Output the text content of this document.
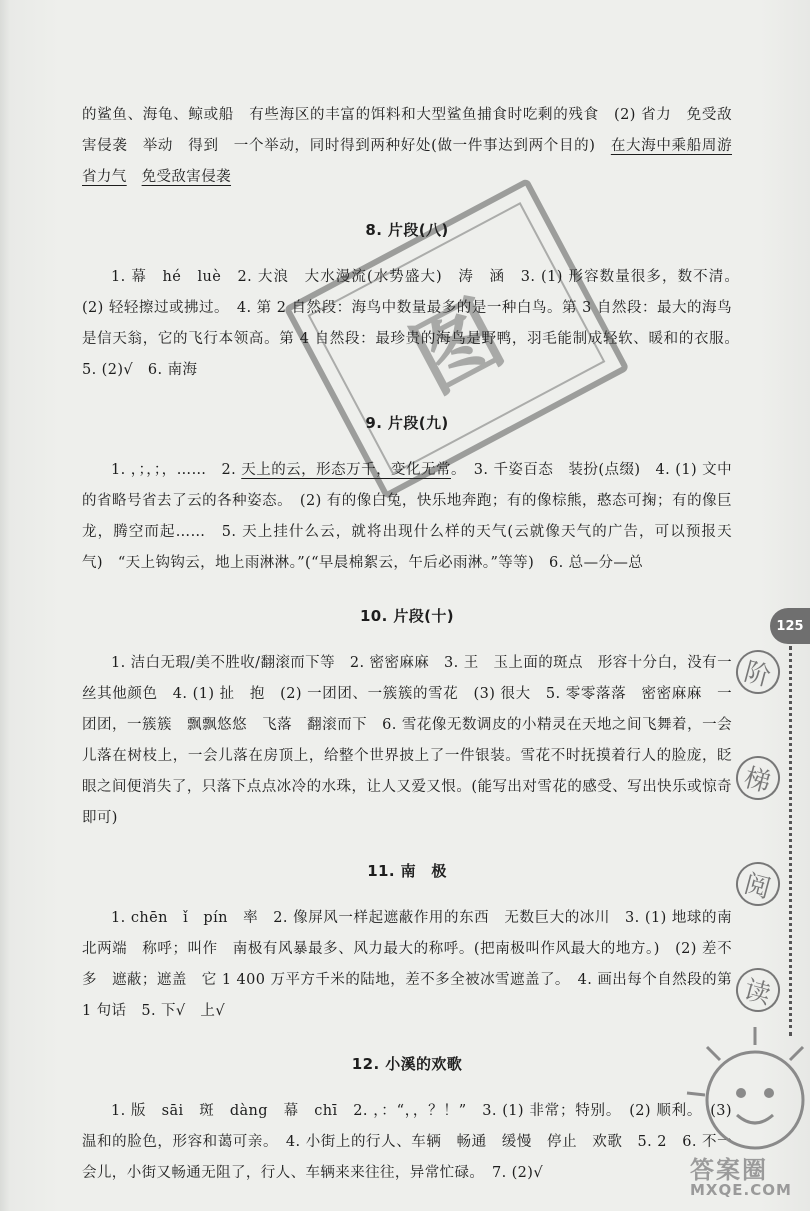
的鲨鱼、海龟、鲸或船　有些海区的丰富的饵料和大型鲨鱼捕食时吃剩的残食　(2) 省力　免受敌害侵袭　举动　得到　一个举动，同时得到两种好处(做一件事达到两个目的)　在大海中乘船周游　省力气　 免受敌害侵袭

8. 片段(八)

1. 幕　hé　luè　2. 大浪　大水漫流(水势盛大)　涛　涵　3. (1) 形容数量很多，数不清。　(2) 轻轻擦过或拂过。　4. 第 2 自然段：海鸟中数量最多的是一种白鸟。第 3 自然段：最大的海鸟是信天翁，它的飞行本领高。第 4 自然段：最珍贵的海鸟是野鸭，羽毛能制成轻软、暖和的衣服。　5. (2)√　6. 南海

9. 片段(九)

1. ，；，；，……　2. 天上的云，形态万千，变化无常。　3. 千姿百态　装扮(点缀)　4. (1) 文中的省略号省去了云的各种姿态。　(2) 有的像白兔，快乐地奔跑；有的像棕熊，憨态可掬；有的像巨龙，腾空而起……　5. 天上挂什么云，就将出现什么样的天气(云就像天气的广告，可以预报天气)　“天上钩钩云，地上雨淋淋。”(“早晨棉絮云，午后必雨淋。”等等)　6. 总—分—总

10. 片段(十)

1. 洁白无瑕/美不胜收/翻滚而下等　2. 密密麻麻　3. 王　玉上面的斑点　形容十分白，没有一丝其他颜色　4. (1) 扯　抱　(2) 一团团、一簇簇的雪花　(3) 很大　5. 零零落落　密密麻麻　一团团，一簇簇　飘飘悠悠　飞落　翻滚而下　6. 雪花像无数调皮的小精灵在天地之间飞舞着，一会儿落在树枝上，一会儿落在房顶上，给整个世界披上了一件银装。雪花不时抚摸着行人的脸庞，眨眼之间便消失了，只落下点点冰冷的水珠，让人又爱又恨。(能写出对雪花的感受、写出快乐或惊奇即可)

11. 南　极

1. chēn　ǐ　pín　率　2. 像屏风一样起遮蔽作用的东西　无数巨大的冰川　3. (1) 地球的南北两端　称呼；叫作　南极有风暴最多、风力最大的称呼。(把南极叫作风最大的地方。)　(2) 差不多　遮蔽；遮盖　它 1 400 万平方千米的陆地，差不多全被冰雪遮盖了。　4. 画出每个自然段的第 1 句话　5. 下√　上√

12. 小溪的欢歌

1. 版　sāi　斑　dàng　幕　chī　2. ，：“，，？！”　3. (1) 非常；特别。　(2) 顺利。　(3) 温和的脸色，形容和蔼可亲。　4. 小街上的行人、车辆　畅通　缓慢　停止　欢歌　5. 2　6. 不一会儿，小街又畅通无阻了，行人、车辆来来往往，异常忙碌。　7. (2)√

图
125
阶
梯
阅
读
答案圈
MXQE.COM
